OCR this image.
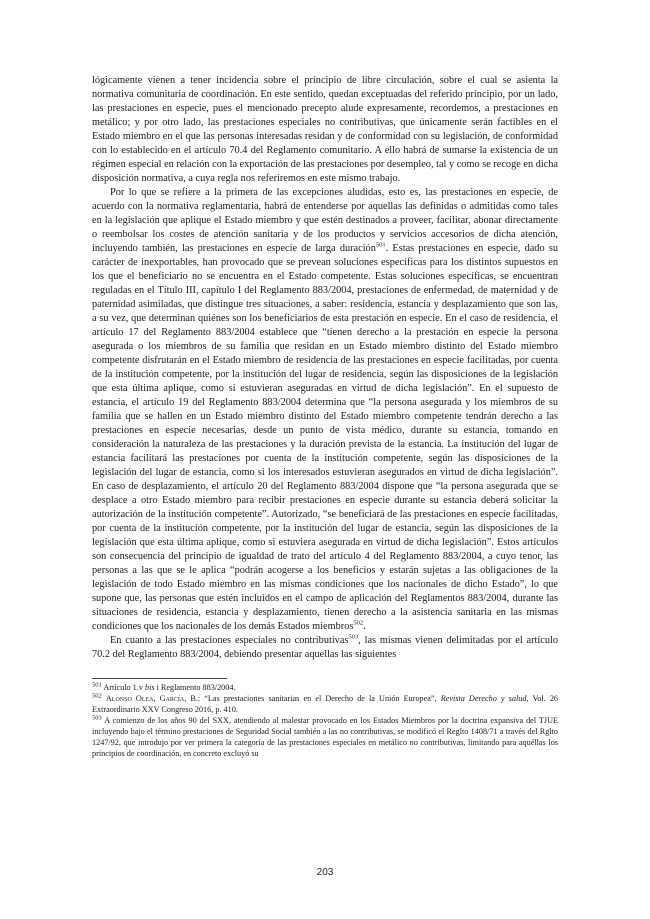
lógicamente vienen a tener incidencia sobre el principio de libre circulación, sobre el cual se asienta la normativa comunitaria de coordinación. En este sentido, quedan exceptuadas del referido principio, por un lado, las prestaciones en especie, pues el mencionado precepto alude expresamente, recordemos, a prestaciones en metálico; y por otro lado, las prestaciones especiales no contributivas, que únicamente serán factibles en el Estado miembro en el que las personas interesadas residan y de conformidad con su legislación, de conformidad con lo establecido en el artículo 70.4 del Reglamento comunitario. A ello habrá de sumarse la existencia de un régimen especial en relación con la exportación de las prestaciones por desempleo, tal y como se recoge en dicha disposición normativa, a cuya regla nos referiremos en este mismo trabajo.

Por lo que se refiere a la primera de las excepciones aludidas, esto es, las prestaciones en especie, de acuerdo con la normativa reglamentaria, habrá de entenderse por aquellas las definidas o admitidas como tales en la legislación que aplique el Estado miembro y que estén destinados a proveer, facilitar, abonar directamente o reembolsar los costes de atención sanitaria y de los productos y servicios accesorios de dicha atención, incluyendo también, las prestaciones en especie de larga duración$^{501}$. Estas prestaciones en especie, dado su carácter de inexportables, han provocado que se prevean soluciones específicas para los distintos supuestos en los que el beneficiario no se encuentra en el Estado competente. Estas soluciones específicas, se encuentran reguladas en el Título III, capítulo I del Reglamento 883/2004, prestaciones de enfermedad, de maternidad y de paternidad asimiladas, que distingue tres situaciones, a saber: residencia, estancia y desplazamiento que son las, a su vez, que determinan quiénes son los beneficiarios de esta prestación en especie. En el caso de residencia, el artículo 17 del Reglamento 883/2004 establece que “tienen derecho a la prestación en especie la persona asegurada o los miembros de su familia que residan en un Estado miembro distinto del Estado miembro competente disfrutarán en el Estado miembro de residencia de las prestaciones en especie facilitadas, por cuenta de la institución competente, por la institución del lugar de residencia, según las disposiciones de la legislación que esta última aplique, como si estuvieran aseguradas en virtud de dicha legislación”. En el supuesto de estancia, el artículo 19 del Reglamento 883/2004 determina que “la persona asegurada y los miembros de su familia que se hallen en un Estado miembro distinto del Estado miembro competente tendrán derecho a las prestaciones en especie necesarias, desde un punto de vista médico, durante su estancia, tomando en consideración la naturaleza de las prestaciones y la duración prevista de la estancia. La institución del lugar de estancia facilitará las prestaciones por cuenta de la institución competente, según las disposiciones de la legislación del lugar de estancia, como si los interesados estuvieran asegurados en virtud de dicha legislación”. En caso de desplazamiento, el artículo 20 del Reglamento 883/2004 dispone que “la persona asegurada que se desplace a otro Estado miembro para recibir prestaciones en especie durante su estancia deberá solicitar la autorización de la institución competente”. Autorizado, “se beneficiará de las prestaciones en especie facilitadas, por cuenta de la institución competente, por la institución del lugar de estancia, según las disposiciones de la legislación que esta última aplique, como si estuviera asegurada en virtud de dicha legislación”. Estos artículos son consecuencia del principio de igualdad de trato del artículo 4 del Reglamento 883/2004, a cuyo tenor, las personas a las que se le aplica “podrán acogerse a los beneficios y estarán sujetas a las obligaciones de la legislación de todo Estado miembro en las mismas condiciones que los nacionales de dicho Estado”, lo que supone que, las personas que estén incluidos en el campo de aplicación del Reglamentos 883/2004, durante las situaciones de residencia, estancia y desplazamiento, tienen derecho a la asistencia sanitaria en las mismas condiciones que los nacionales de los demás Estados miembros$^{502}$.

En cuanto a las prestaciones especiales no contributivas$^{503}$, las mismas vienen delimitadas por el artículo 70.2 del Reglamento 883/2004, debiendo presentar aquellas las siguientes

$^{501}$ Artículo 1.v bis i Reglamento 883/2004.

$^{502}$ Alonso Olea, García, B.: “Las prestaciones sanitarias en el Derecho de la Unión Europea”, Revista Derecho y salud, Vol. 26 Extraordinario XXV Congreso 2016, p. 410.

$^{503}$ A comienzo de los años 90 del SXX, atendiendo al malestar provocado en los Estados Miembros por la doctrina expansiva del TJUE incluyendo bajo el término prestaciones de Seguridad Social también a las no contributivas, se modificó el Reglto 1408/71 a través del Rglto 1247/92, que introdujo por ver primera la categoría de las prestaciones especiales en metálico no contributivas, limitando para aquéllas los principios de coordinación, en concreto excluyó su

203
